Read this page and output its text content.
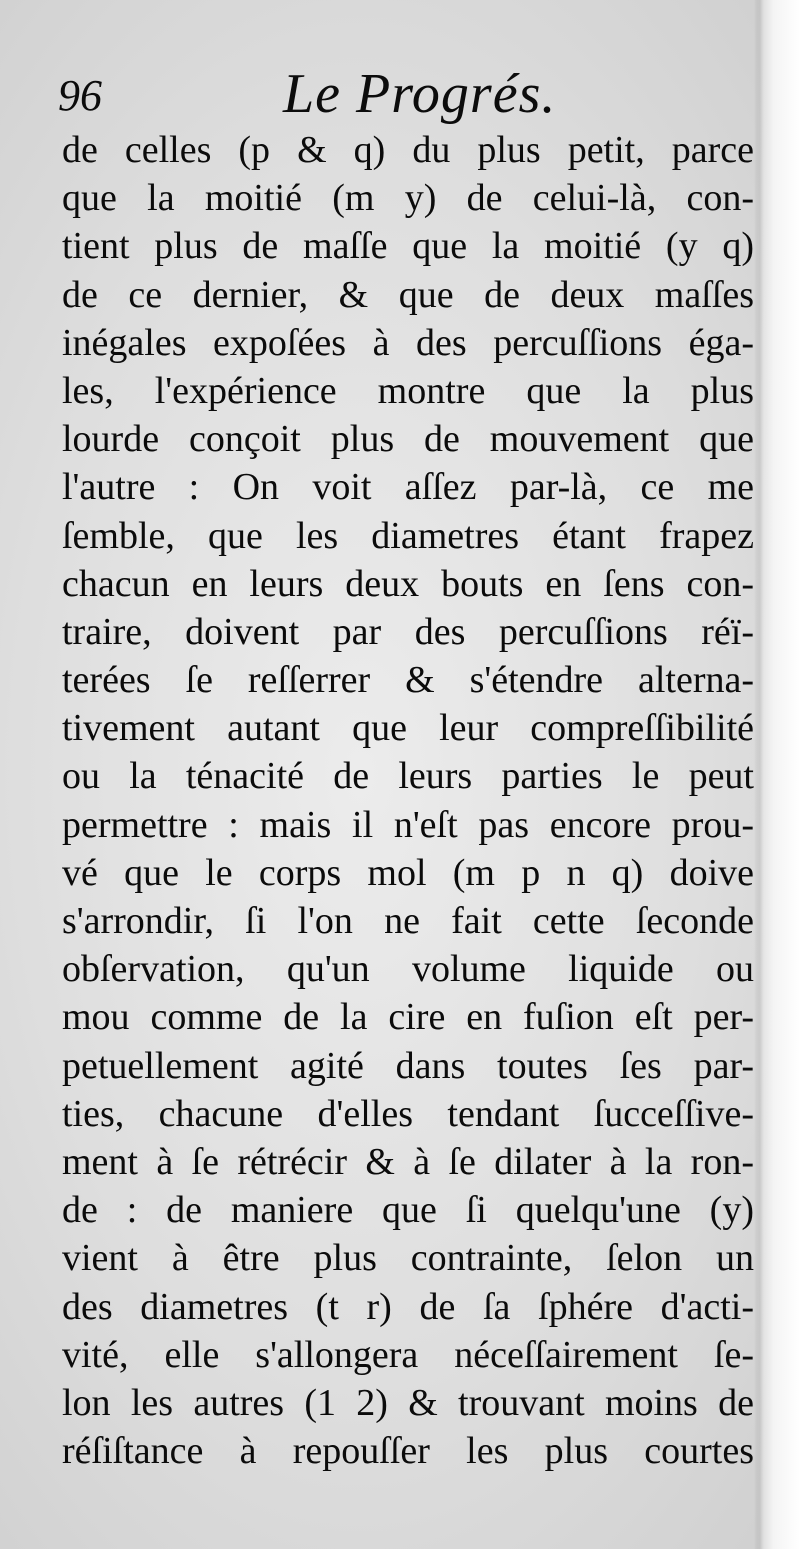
96	Le Progrés.
de celles (p & q) du plus petit, parce
que la moitié (m y) de celui-là, con-
tient plus de maſſe que la moitié (y q)
de ce dernier, & que de deux maſſes
inégales expoſées à des percuſſions éga-
les, l'expérience montre que la plus
lourde conçoit plus de mouvement que
l'autre : On voit aſſez par-là, ce me
ſemble, que les diametres étant frapez
chacun en leurs deux bouts en ſens con-
traire, doivent par des percuſſions réï-
terées ſe reſſerrer & s'étendre alterna-
tivement autant que leur compreſſibilité
ou la ténacité de leurs parties le peut
permettre : mais il n'eſt pas encore prou-
vé que le corps mol (m p n q) doive
s'arrondir, ſi l'on ne fait cette ſeconde
obſervation, qu'un volume liquide ou
mou comme de la cire en fuſion eſt per-
petuellement agité dans toutes ſes par-
ties, chacune d'elles tendant ſucceſſive-
ment à ſe rétrécir & à ſe dilater à la ron-
de : de maniere que ſi quelqu'une (y)
vient à être plus contrainte, ſelon un
des diametres (t r) de ſa ſphére d'acti-
vité, elle s'allongera néceſſairement ſe-
lon les autres (1 2) & trouvant moins de
réſiſtance à repouſſer les plus courtes
